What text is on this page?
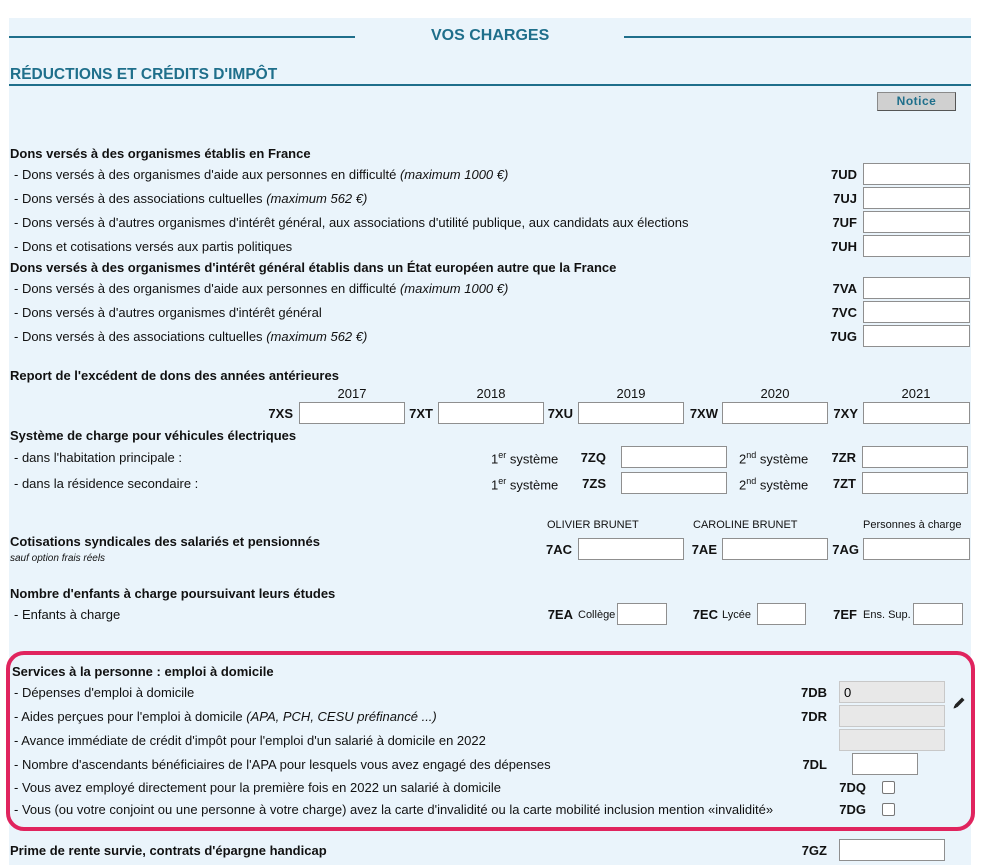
VOS CHARGES
RÉDUCTIONS ET CRÉDITS D'IMPÔT
Notice
Dons versés à des organismes établis en France
- Dons versés à des organismes d'aide aux personnes en difficulté (maximum 1000 €)	7UD
- Dons versés à des associations cultuelles (maximum 562 €)	7UJ
- Dons versés à d'autres organismes d'intérêt général, aux associations d'utilité publique, aux candidats aux élections	7UF
- Dons et cotisations versés aux partis politiques	7UH
Dons versés à des organismes d'intérêt général établis dans un État européen autre que la France
- Dons versés à des organismes d'aide aux personnes en difficulté (maximum 1000 €)	7VA
- Dons versés à d'autres organismes d'intérêt général	7VC
- Dons versés à des associations cultuelles (maximum 562 €)	7UG
Report de l'excédent de dons des années antérieures
2017	2018	2019	2020	2021
7XS	7XT	7XU	7XW	7XY
Système de charge pour véhicules électriques
- dans l'habitation principale :	1er système	7ZQ	2nd système	7ZR
- dans la résidence secondaire :	1er système	7ZS	2nd système	7ZT
OLIVIER BRUNET	CAROLINE BRUNET	Personnes à charge
Cotisations syndicales des salariés et pensionnés
sauf option frais réels
7AC	7AE	7AG
Nombre d'enfants à charge poursuivant leurs études
- Enfants à charge	7EA Collège	7EC Lycée	7EF Ens. Sup.
Services à la personne : emploi à domicile
- Dépenses d'emploi à domicile	7DB
0
- Aides perçues pour l'emploi à domicile (APA, PCH, CESU préfinancé ...)	7DR
- Avance immédiate de crédit d'impôt pour l'emploi d'un salarié à domicile en 2022
- Nombre d'ascendants bénéficiaires de l'APA pour lesquels vous avez engagé des dépenses	7DL
- Vous avez employé directement pour la première fois en 2022 un salarié à domicile	7DQ
- Vous (ou votre conjoint ou une personne à votre charge) avez la carte d'invalidité ou la carte mobilité inclusion mention «invalidité»	7DG
Prime de rente survie, contrats d'épargne handicap	7GZ
